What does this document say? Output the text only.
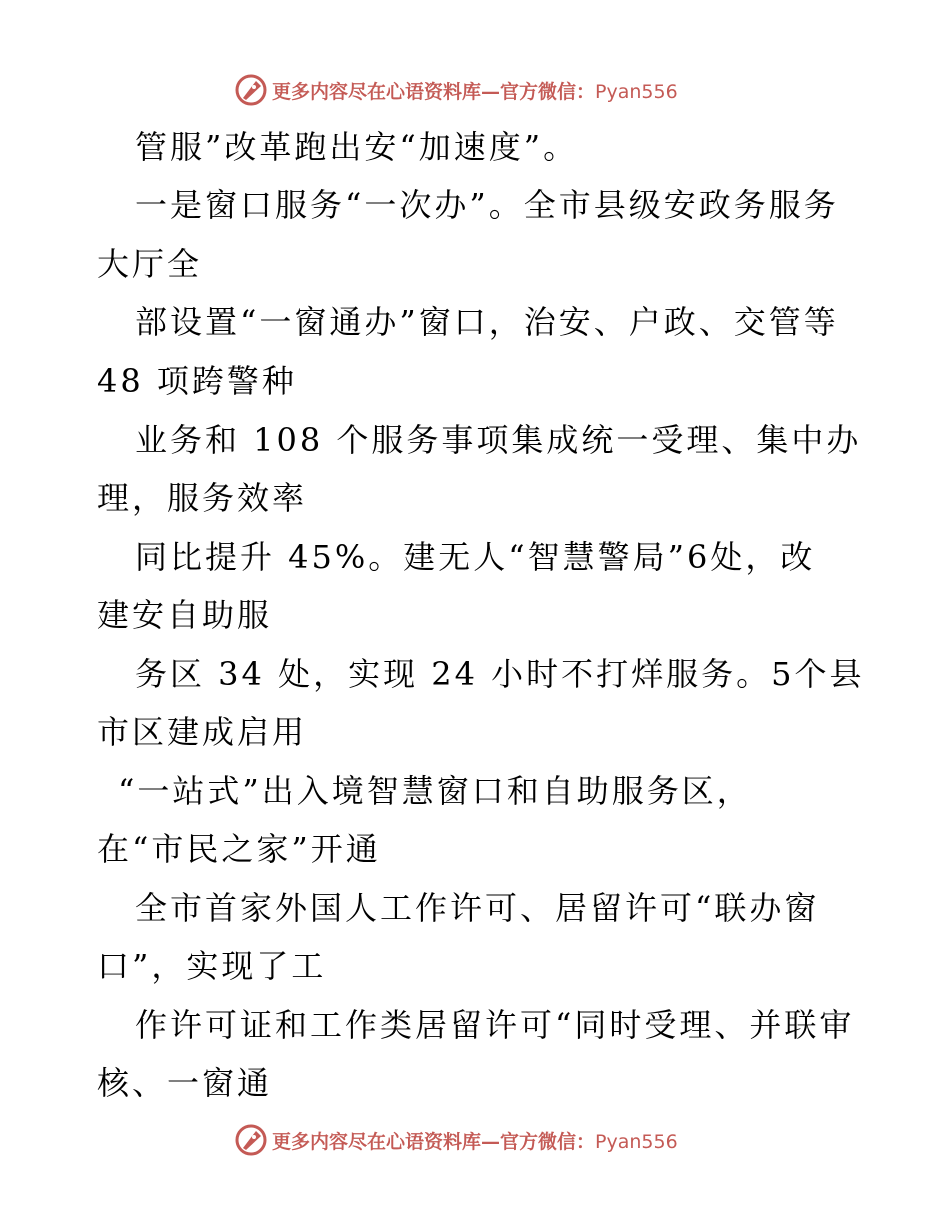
更多内容尽在心语资料库—官方微信：Pyan556
管服”改革跑出安“加速度”。
一是窗口服务“一次办”。全市县级安政务服务
大厅全
部设置“一窗通办”窗口，治安、户政、交管等
48 项跨警种
业务和 108 个服务事项集成统一受理、集中办
理，服务效率
同比提升 45%。建无人“智慧警局”6处，改
建安自助服
务区 34 处，实现 24 小时不打烊服务。5个县
市区建成启用
“一站式”出入境智慧窗口和自助服务区，
在“市民之家”开通
全市首家外国人工作许可、居留许可“联办窗
口”，实现了工
作许可证和工作类居留许可“同时受理、并联审
核、一窗通
更多内容尽在心语资料库—官方微信：Pyan556
